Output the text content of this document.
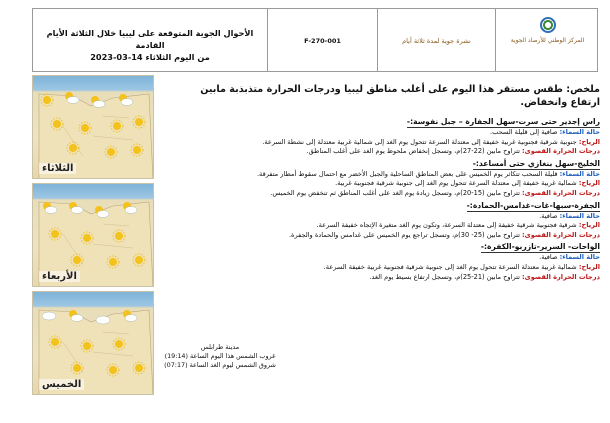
الأحوال الجوية المتوقعة على ليبيا خلال الثلاثة الأيام القادمة
من اليوم الثلاثاء 14-03-2023
F-270-001	نشرة جوية لمدة ثلاثة أيام	المركز الوطني للأرصاد الجوية
الثلاثاء
الأربعاء
الخميس
ملخص: طقس مستقر هذا اليوم على أغلب مناطق ليبيا ودرجات الحرارة متذبذبة مابين ارتفاع وانخفاض.
راس إجدير حتى سرت-سهل الجفارة – جبل نفوسة:-
حالة السماء: صافية إلى قليلة السحب.
الرياح: جنوبية شرقية فجنوبية غربية خفيفة إلى معتدلة السرعة تتحول يوم الغد إلى شمالية غربية معتدلة إلى نشطة السرعة.
درجات الحرارة القصوى: تتراوح مابين (22-27)م، وتسجل إنخفاض ملحوظ يوم الغد على أغلب المناطق.
الخليج-سهل بنغازي حتى أمساعد:-
حالة السماء: قليلة السحب تتكاثر يوم الخميس على بعض المناطق الساحلية والجبل الأخضر مع احتمال سقوط أمطار متفرقة.
الرياح: شمالية غربية خفيفة إلى معتدلة السرعة تتحول يوم الغد إلى جنوبية شرقية فجنوبية غربية.
درجات الحرارة القصوى: تتراوح مابين (15-20)م، وتسجل زيادة يوم الغد على أغلب المناطق ثم تنخفض يوم الخميس.
الجفرة-سبها-غات-غدامس-الحمادة:-
حالة السماء: صافية.
الرياح: شرقية فجنوبية شرقية خفيفة إلى معتدلة السرعة، وتكون يوم الغد متغيرة الإتجاه خفيفة السرعة.
درجات الحرارة القصوى: تتراوح مابين (25- 30)م، وتسجل تراجع يوم الخميس على غدامس والحمادة والجفرة.
الواحات- السرير-تازربو-الكفرة:-
حالة السماء: صافية.
الرياح: شمالية غربية معتدلة السرعة تتحول يوم الغد إلى جنوبية شرقية فجنوبية غربية خفيفة السرعة.
درجات الحرارة القصوى: تتراوح مابين (21-25)م، وتسجل ارتفاع بسيط يوم الغد.
مدينة طرابلس
غروب الشمس هذا اليوم الساعة (19:14)
شروق الشمس ليوم الغد الساعة (07:17)
